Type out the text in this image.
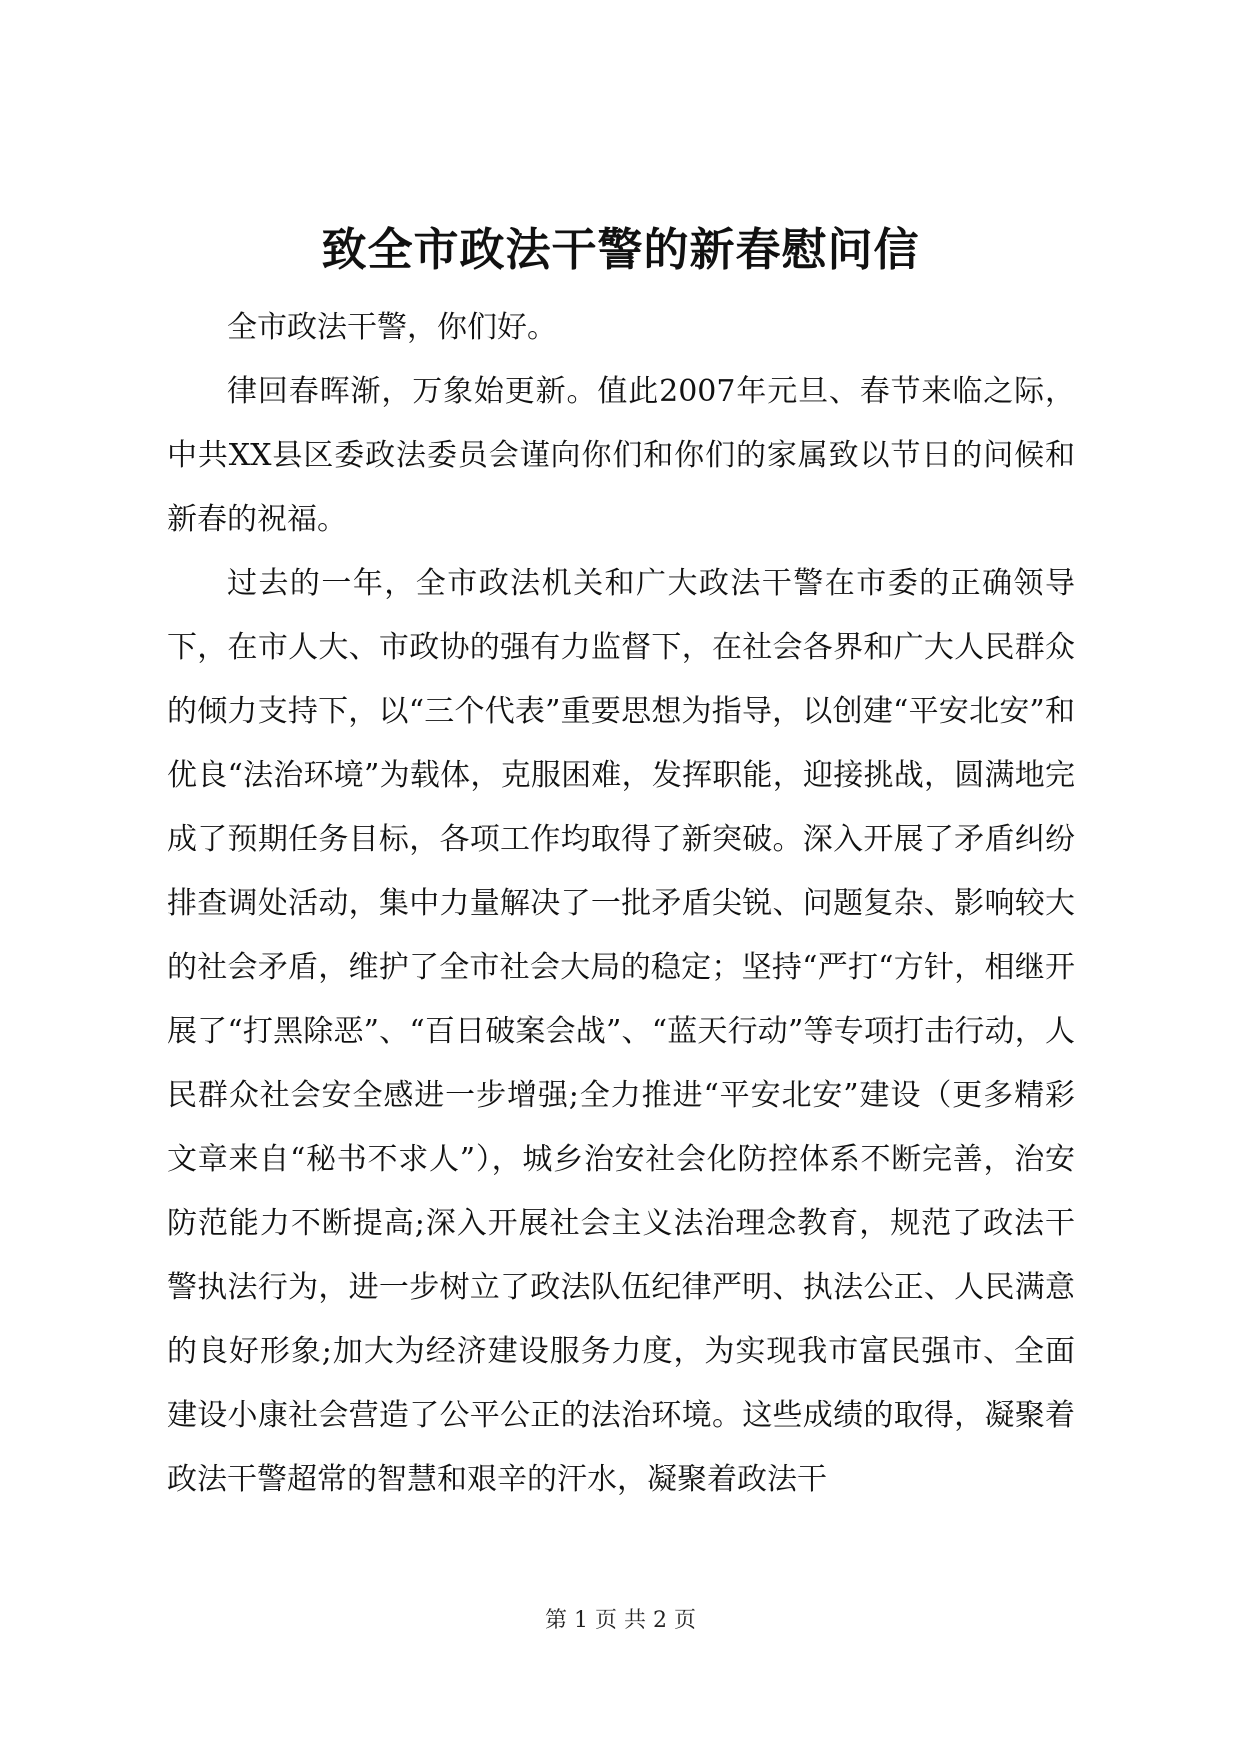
致全市政法干警的新春慰问信

全市政法干警，你们好。

律回春晖渐，万象始更新。值此2007年元旦、春节来临之际，中共XX县区委政法委员会谨向你们和你们的家属致以节日的问候和新春的祝福。

过去的一年，全市政法机关和广大政法干警在市委的正确领导下，在市人大、市政协的强有力监督下，在社会各界和广大人民群众的倾力支持下，以“三个代表”重要思想为指导，以创建“平安北安”和优良“法治环境”为载体，克服困难，发挥职能，迎接挑战，圆满地完成了预期任务目标，各项工作均取得了新突破。深入开展了矛盾纠纷排查调处活动，集中力量解决了一批矛盾尖锐、问题复杂、影响较大的社会矛盾，维护了全市社会大局的稳定；坚持“严打“方针，相继开展了“打黑除恶”、“百日破案会战”、“蓝天行动”等专项打击行动，人民群众社会安全感进一步增强;全力推进“平安北安”建设（更多精彩文章来自“秘书不求人”），城乡治安社会化防控体系不断完善，治安防范能力不断提高;深入开展社会主义法治理念教育，规范了政法干警执法行为，进一步树立了政法队伍纪律严明、执法公正、人民满意的良好形象;加大为经济建设服务力度，为实现我市富民强市、全面建设小康社会营造了公平公正的法治环境。这些成绩的取得，凝聚着政法干警超常的智慧和艰辛的汗水，凝聚着政法干

第 1 页 共 2 页
